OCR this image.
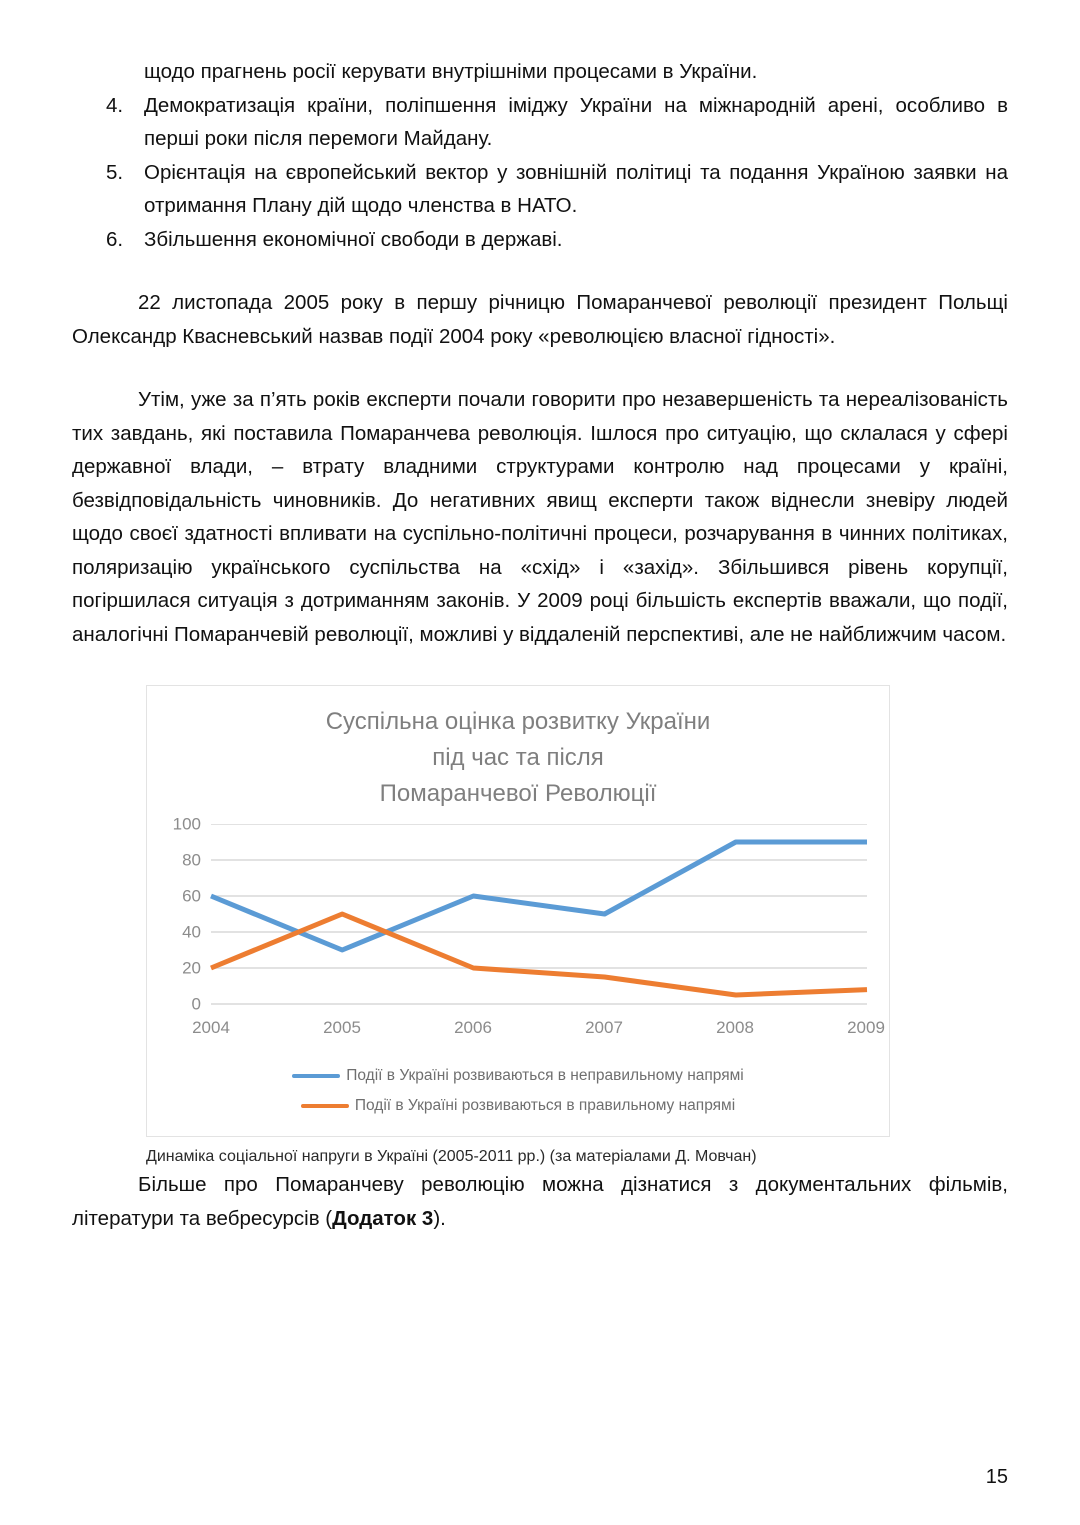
щодо прагнень росії керувати внутрішніми процесами в України.
4. Демократизація країни, поліпшення іміджу України на міжнародній арені, особливо в перші роки після перемоги Майдану.
5. Орієнтація на європейський вектор у зовнішній політиці та подання Україною заявки на отримання Плану дій щодо членства в НАТО.
6. Збільшення економічної свободи в державі.

22 листопада 2005 року в першу річницю Помаранчевої революції президент Польщі Олександр Квасневський назвав події 2004 року «революцією власної гідності».

Утім, уже за п’ять років експерти почали говорити про незавершеність та нереалізованість тих завдань, які поставила Помаранчева революція. Ішлося про ситуацію, що склалася у сфері державної влади, – втрату владними структурами контролю над процесами у країні, безвідповідальність чиновників. До негативних явищ експерти також віднесли зневіру людей щодо своєї здатності впливати на суспільно-політичні процеси, розчарування в чинних політиках, поляризацію українського суспільства на «схід» і «захід». Збільшився рівень корупції, погіршилася ситуація з дотриманням законів. У 2009 році більшість експертів вважали, що події, аналогічні Помаранчевій революції, можливі у віддаленій перспективі, але не найближчим часом.

Суспільна оцінка розвитку України
під час та після
Помаранчевої Революції
100
80
60
40
20
0
2004	2005	2006	2007	2008	2009
Події в Україні розвиваються в неправильному напрямі
Події в Україні розвиваються в правильному напрямі
Динаміка соціальної напруги в Україні (2005-2011 рр.) (за матеріалами Д. Мовчан)

Більше про Помаранчеву революцію можна дізнатися з документальних фільмів, літератури та вебресурсів (Додаток 3).

15
